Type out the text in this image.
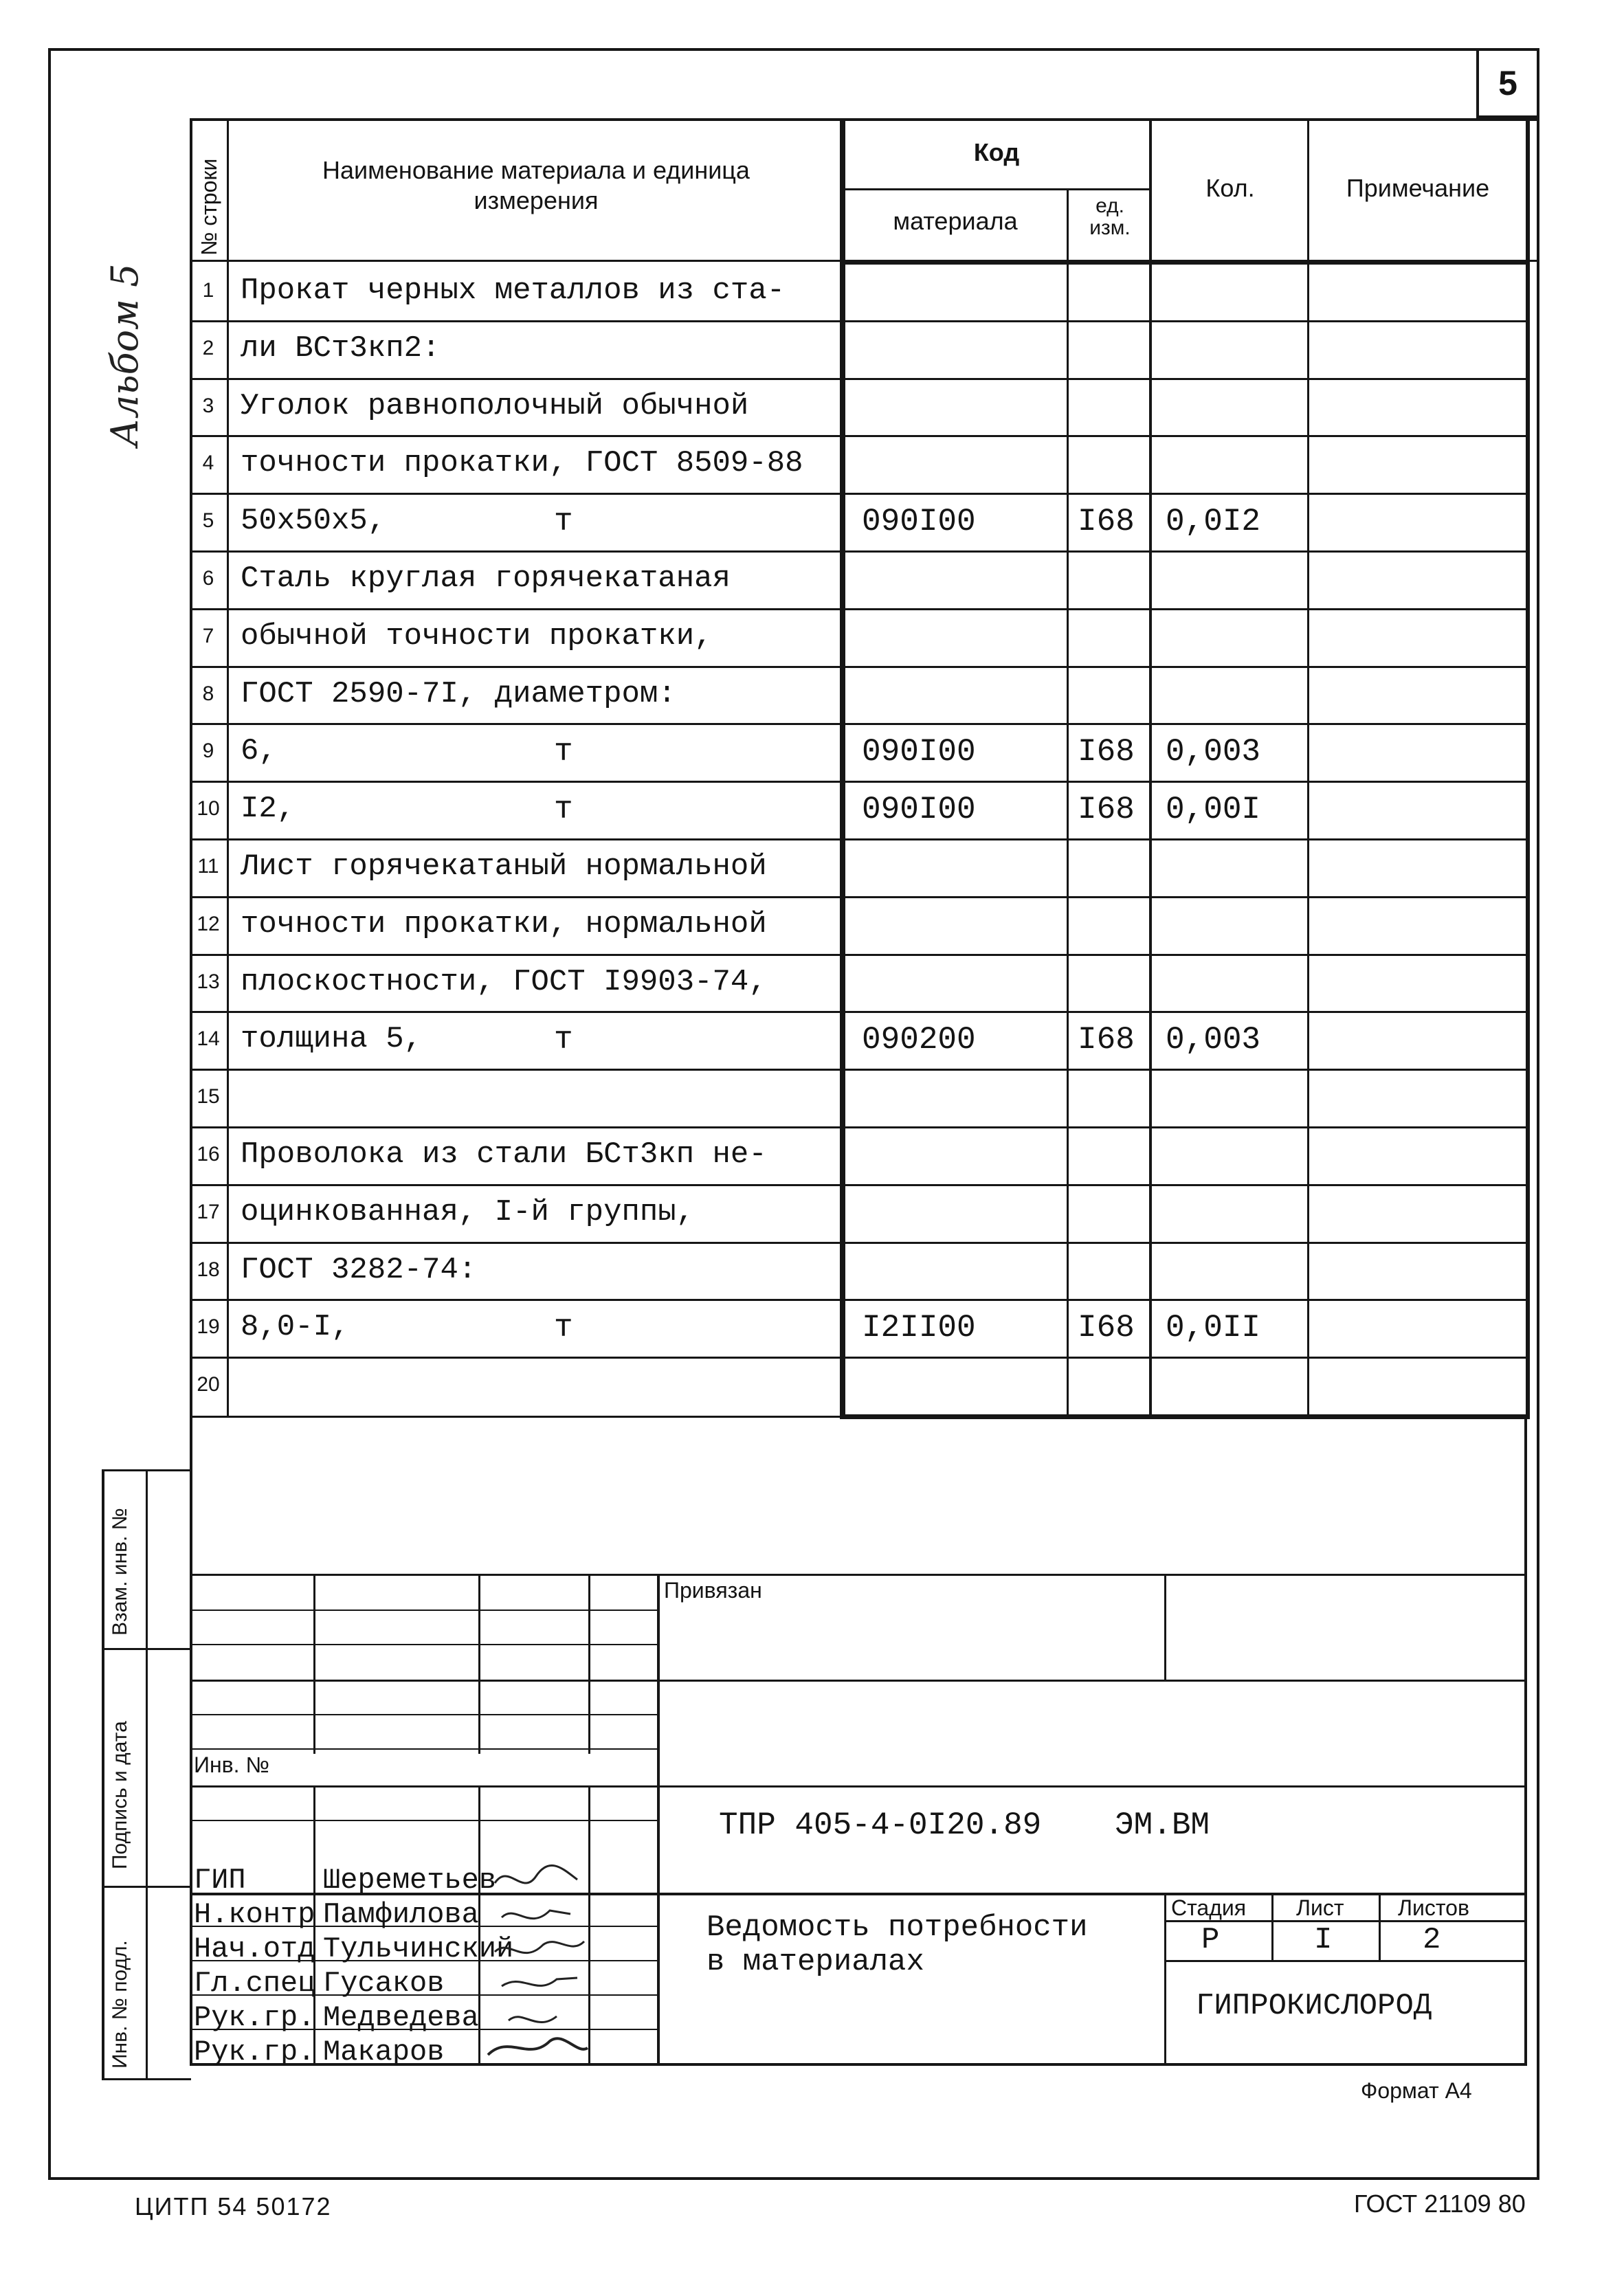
5
Альбом 5
№ строки	Наименование материала и единица измерения
Код
материала
ед. изм.
Кол.	Примечание
1 Прокат черных металлов из ста-
2 ли ВСт3кп2:
3 Уголок равнополочный обычной
4 точности прокатки, ГОСТ 8509-88
5 50х50х5,	т	090I00	I68 0,0I2
6 Сталь круглая горячекатаная
7 обычной точности прокатки,
8 ГОСТ 2590-7I, диаметром:
9 6,	т	090I00	I68 0,003
10 I2,	т	090I00	I68 0,00I
11 Лист горячекатаный нормальной
12 точности прокатки, нормальной
13 плоскостности, ГОСТ I9903-74,
14 толщина 5,	т	090200	I68 0,003
15
16 Проволока из стали БСт3кп не-
17 оцинкованная, I-й группы,
18 ГОСТ 3282-74:
19 8,0-I,	т	I2II00	I68 0,0II
20
Взам. инв. №
Подпись и дата
Инв. № подл.
Привязан
Инв. №
ТПР 405-4-0I20.89 ЭМ.ВМ
Ведомость потребности
в материалах
Стадия Лист Листов
Р	I	2
ГИПРОКИСЛОРОД
ГИП	Шереметьев
Н.контр Памфилова
Нач.отд Тульчинский
Гл.спец Гусаков
Рук.гр. Медведева
Рук.гр. Макаров
Формат А4
ЦИТП 54 50172	ГОСТ 21109 80
